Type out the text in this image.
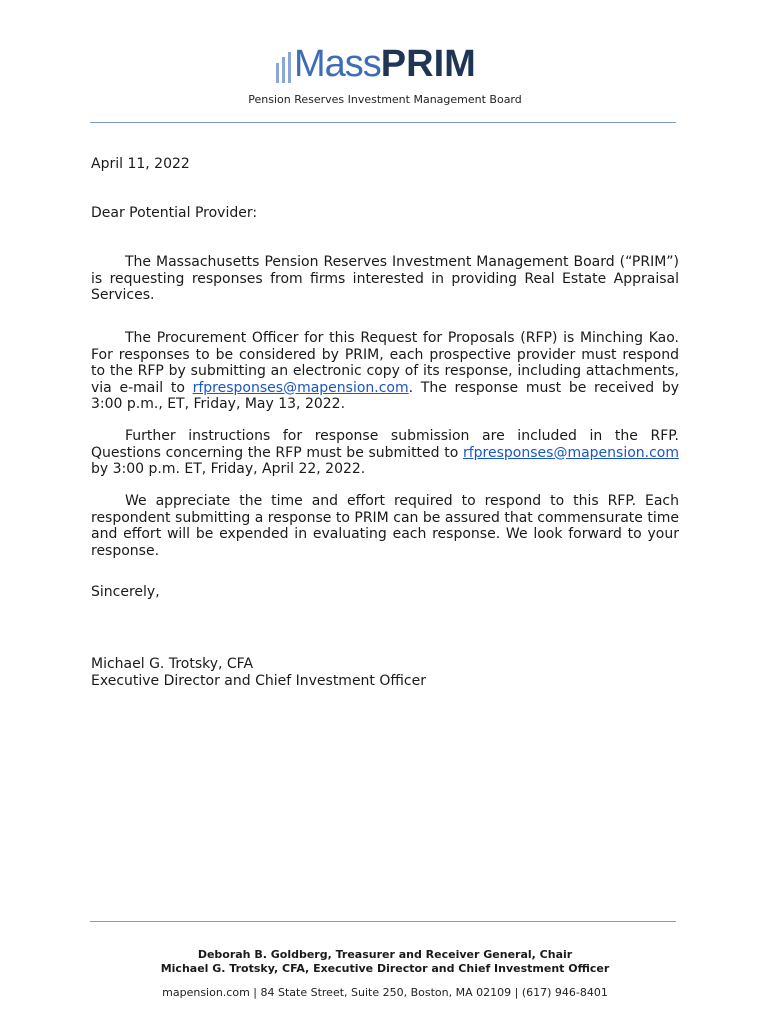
Mass PRIM
Pension Reserves Investment Management Board
April 11, 2022
Dear Potential Provider:
The Massachusetts Pension Reserves Investment Management Board (“PRIM”) is requesting responses from firms interested in providing Real Estate Appraisal Services.
The Procurement Officer for this Request for Proposals (RFP) is Minching Kao. For responses to be considered by PRIM, each prospective provider must respond to the RFP by submitting an electronic copy of its response, including attachments, via e-mail to rfpresponses@mapension.com. The response must be received by 3:00 p.m., ET, Friday, May 13, 2022.
Further instructions for response submission are included in the RFP. Questions concerning the RFP must be submitted to rfpresponses@mapension.com by 3:00 p.m. ET, Friday, April 22, 2022.
We appreciate the time and effort required to respond to this RFP. Each respondent submitting a response to PRIM can be assured that commensurate time and effort will be expended in evaluating each response. We look forward to your response.
Sincerely,
Michael G. Trotsky, CFA
Executive Director and Chief Investment Officer
Deborah B. Goldberg, Treasurer and Receiver General, Chair
Michael G. Trotsky, CFA, Executive Director and Chief Investment Officer
mapension.com | 84 State Street, Suite 250, Boston, MA 02109 | (617) 946-8401
